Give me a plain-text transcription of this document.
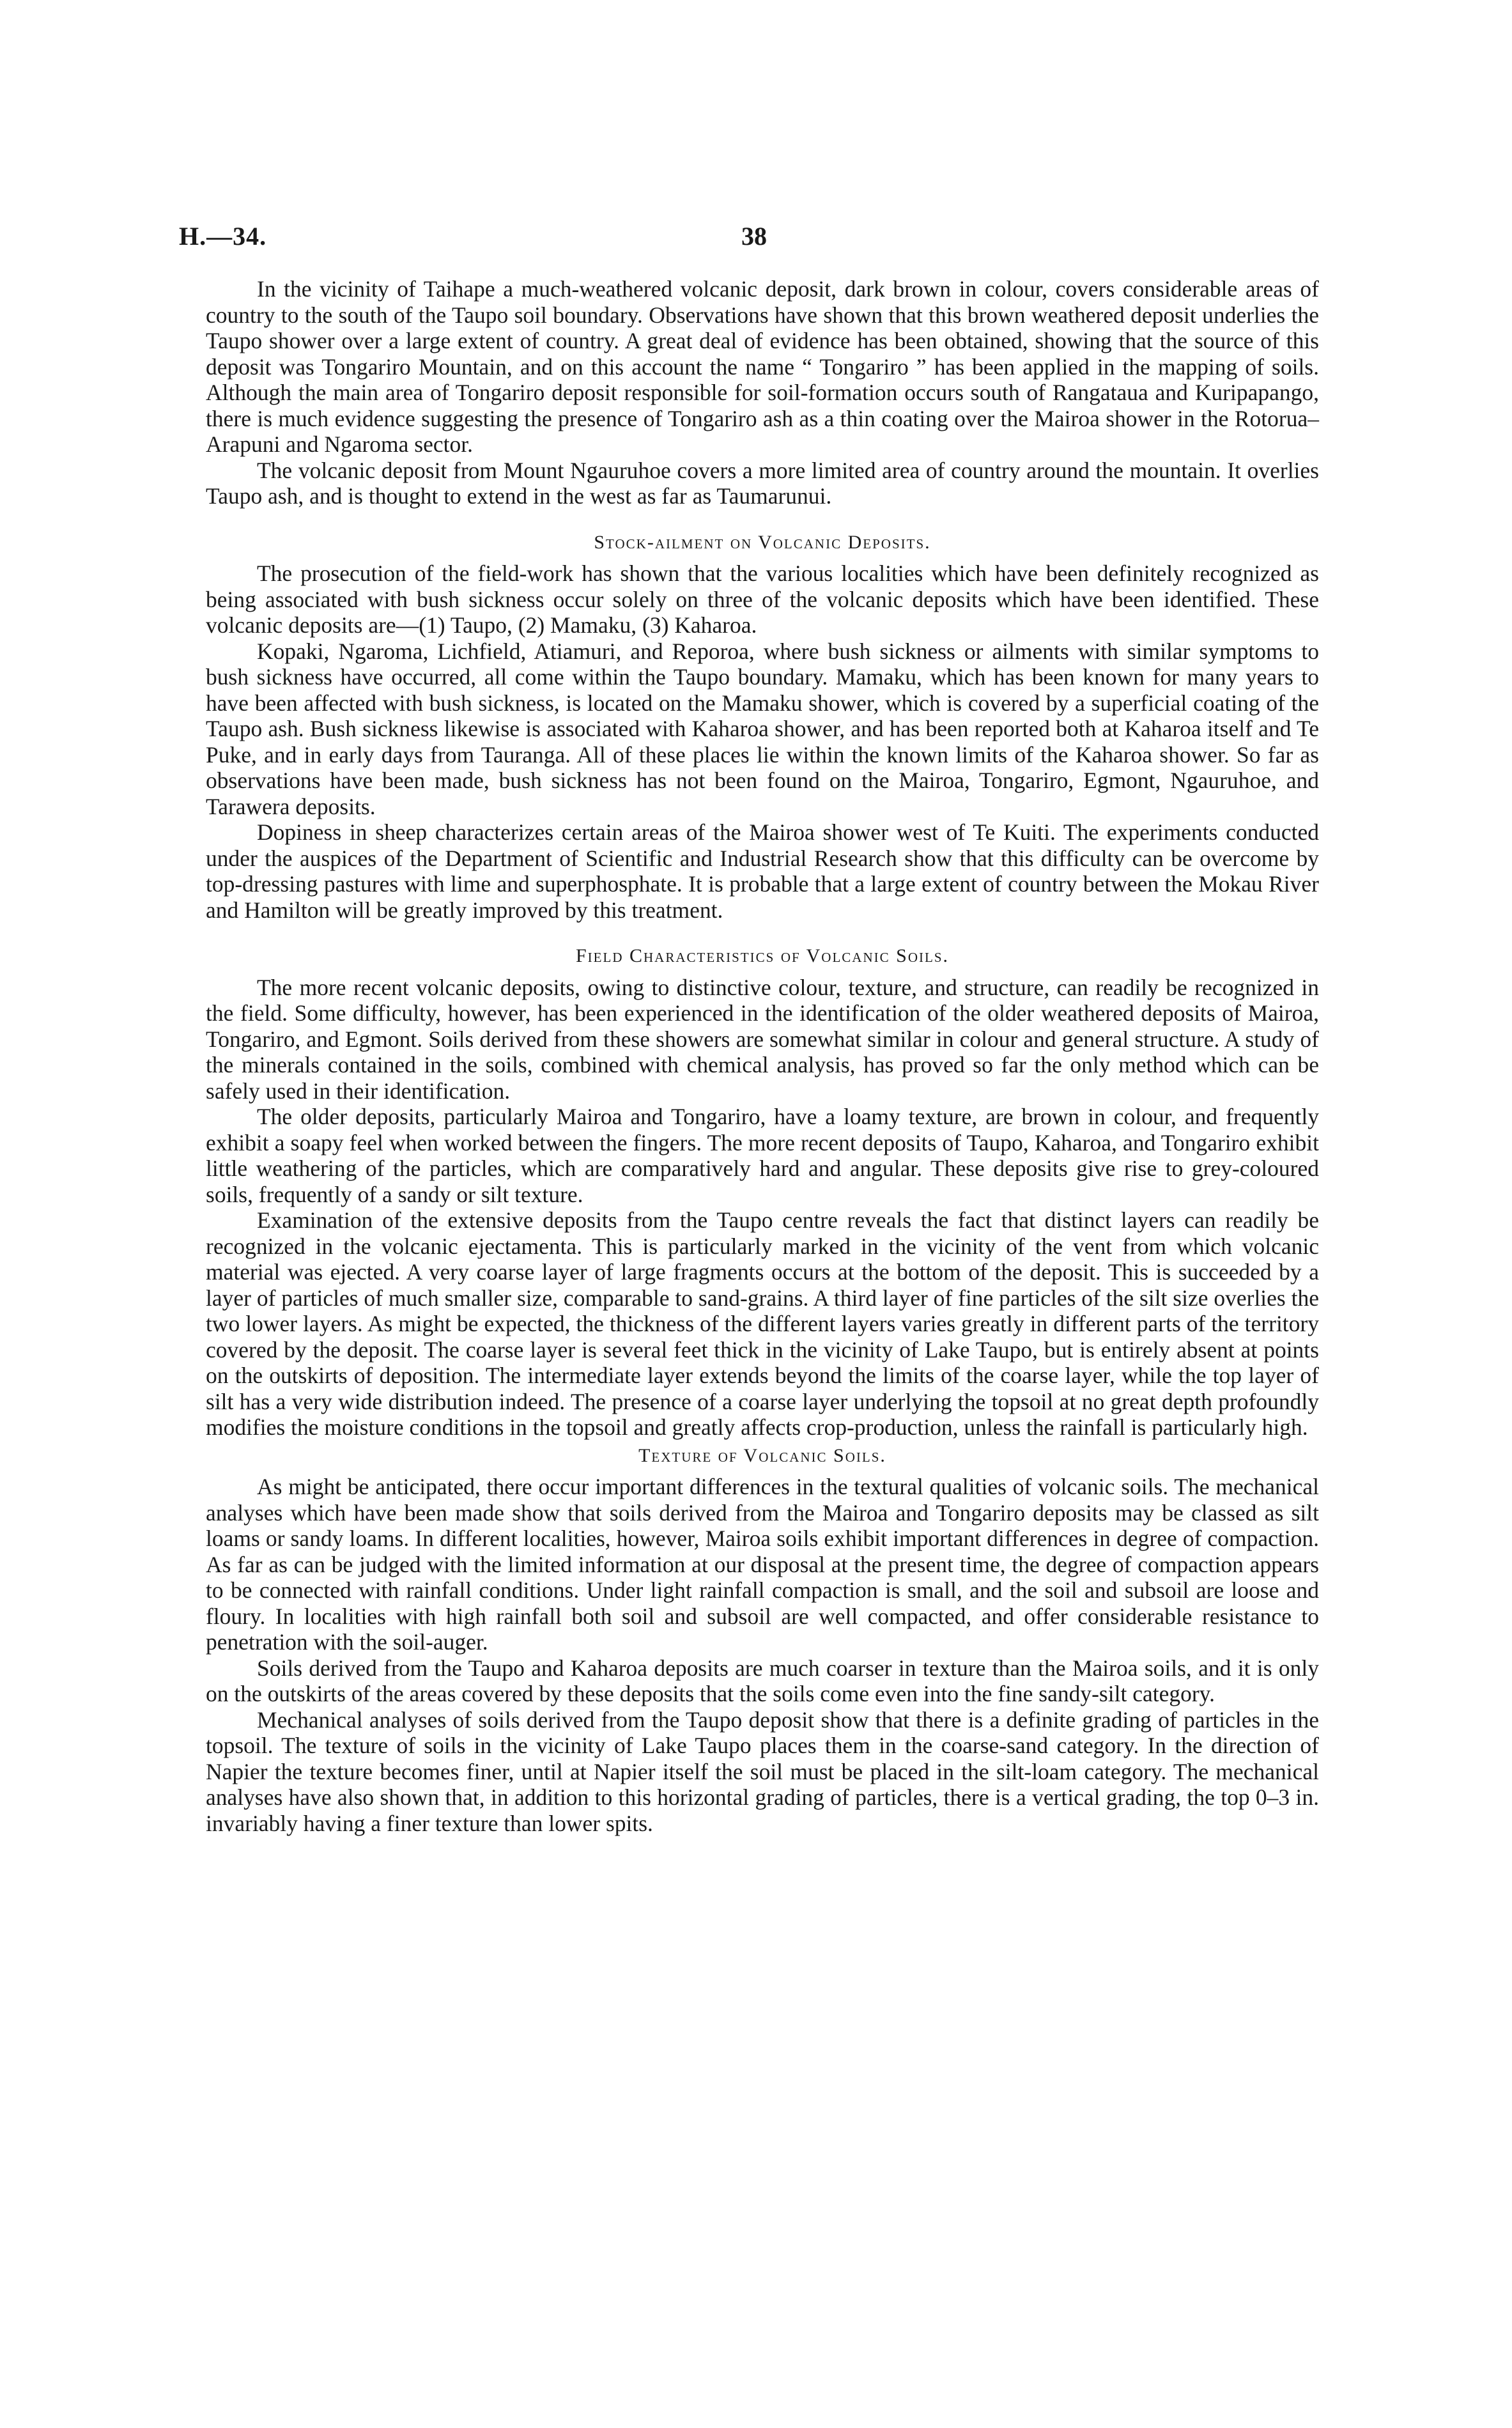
H.—34.	38

In the vicinity of Taihape a much-weathered volcanic deposit, dark brown in colour, covers considerable areas of country to the south of the Taupo soil boundary. Observations have shown that this brown weathered deposit underlies the Taupo shower over a large extent of country. A great deal of evidence has been obtained, showing that the source of this deposit was Tongariro Mountain, and on this account the name “ Tongariro ” has been applied in the mapping of soils. Although the main area of Tongariro deposit responsible for soil-formation occurs south of Rangataua and Kuripapango, there is much evidence suggesting the presence of Tongariro ash as a thin coating over the Mairoa shower in the Rotorua–Arapuni and Ngaroma sector.

The volcanic deposit from Mount Ngauruhoe covers a more limited area of country around the mountain. It overlies Taupo ash, and is thought to extend in the west as far as Taumarunui.

Stock-ailment on Volcanic Deposits.

The prosecution of the field-work has shown that the various localities which have been definitely recognized as being associated with bush sickness occur solely on three of the volcanic deposits which have been identified. These volcanic deposits are—(1) Taupo, (2) Mamaku, (3) Kaharoa.

Kopaki, Ngaroma, Lichfield, Atiamuri, and Reporoa, where bush sickness or ailments with similar symptoms to bush sickness have occurred, all come within the Taupo boundary. Mamaku, which has been known for many years to have been affected with bush sickness, is located on the Mamaku shower, which is covered by a superficial coating of the Taupo ash. Bush sickness likewise is associated with Kaharoa shower, and has been reported both at Kaharoa itself and Te Puke, and in early days from Tauranga. All of these places lie within the known limits of the Kaharoa shower. So far as observations have been made, bush sickness has not been found on the Mairoa, Tongariro, Egmont, Ngauruhoe, and Tarawera deposits.

Dopiness in sheep characterizes certain areas of the Mairoa shower west of Te Kuiti. The experiments conducted under the auspices of the Department of Scientific and Industrial Research show that this difficulty can be overcome by top-dressing pastures with lime and superphosphate. It is probable that a large extent of country between the Mokau River and Hamilton will be greatly improved by this treatment.

Field Characteristics of Volcanic Soils.

The more recent volcanic deposits, owing to distinctive colour, texture, and structure, can readily be recognized in the field. Some difficulty, however, has been experienced in the identification of the older weathered deposits of Mairoa, Tongariro, and Egmont. Soils derived from these showers are somewhat similar in colour and general structure. A study of the minerals contained in the soils, combined with chemical analysis, has proved so far the only method which can be safely used in their identification.

The older deposits, particularly Mairoa and Tongariro, have a loamy texture, are brown in colour, and frequently exhibit a soapy feel when worked between the fingers. The more recent deposits of Taupo, Kaharoa, and Tongariro exhibit little weathering of the particles, which are comparatively hard and angular. These deposits give rise to grey-coloured soils, frequently of a sandy or silt texture.

Examination of the extensive deposits from the Taupo centre reveals the fact that distinct layers can readily be recognized in the volcanic ejectamenta. This is particularly marked in the vicinity of the vent from which volcanic material was ejected. A very coarse layer of large fragments occurs at the bottom of the deposit. This is succeeded by a layer of particles of much smaller size, comparable to sand-grains. A third layer of fine particles of the silt size overlies the two lower layers. As might be expected, the thickness of the different layers varies greatly in different parts of the territory covered by the deposit. The coarse layer is several feet thick in the vicinity of Lake Taupo, but is entirely absent at points on the outskirts of deposition. The intermediate layer extends beyond the limits of the coarse layer, while the top layer of silt has a very wide distribution indeed. The presence of a coarse layer underlying the topsoil at no great depth profoundly modifies the moisture conditions in the topsoil and greatly affects crop-production, unless the rainfall is particularly high.

Texture of Volcanic Soils.

As might be anticipated, there occur important differences in the textural qualities of volcanic soils. The mechanical analyses which have been made show that soils derived from the Mairoa and Tongariro deposits may be classed as silt loams or sandy loams. In different localities, however, Mairoa soils exhibit important differences in degree of compaction. As far as can be judged with the limited information at our disposal at the present time, the degree of compaction appears to be connected with rainfall conditions. Under light rainfall compaction is small, and the soil and subsoil are loose and floury. In localities with high rainfall both soil and subsoil are well compacted, and offer considerable resistance to penetration with the soil-auger.

Soils derived from the Taupo and Kaharoa deposits are much coarser in texture than the Mairoa soils, and it is only on the outskirts of the areas covered by these deposits that the soils come even into the fine sandy-silt category.

Mechanical analyses of soils derived from the Taupo deposit show that there is a definite grading of particles in the topsoil. The texture of soils in the vicinity of Lake Taupo places them in the coarse-sand category. In the direction of Napier the texture becomes finer, until at Napier itself the soil must be placed in the silt-loam category. The mechanical analyses have also shown that, in addition to this horizontal grading of particles, there is a vertical grading, the top 0–3 in. invariably having a finer texture than lower spits.
